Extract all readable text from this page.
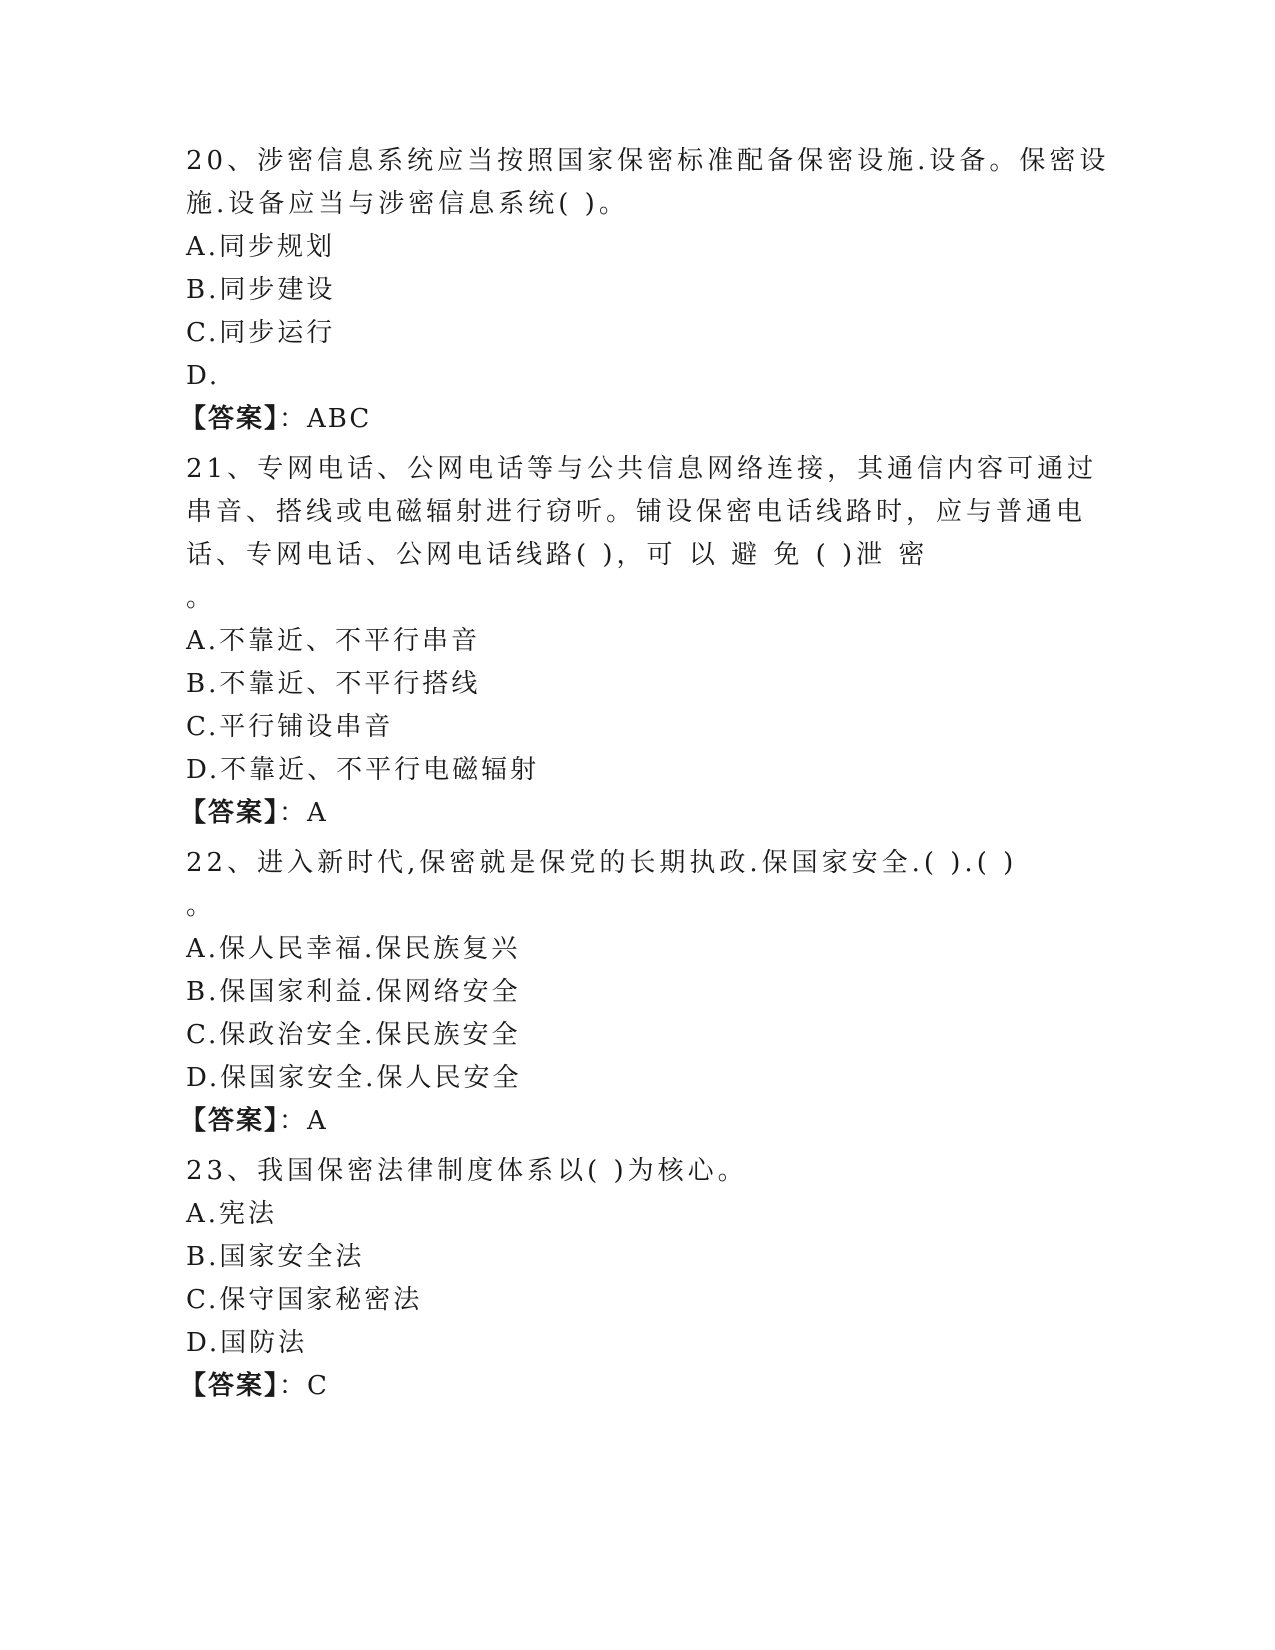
20、涉密信息系统应当按照国家保密标准配备保密设施.设备。保密设
施.设备应当与涉密信息系统( )。
A.同步规划
B.同步建设
C.同步运行
D.
【答案】：ABC
21、专网电话、公网电话等与公共信息网络连接，其通信内容可通过
串音、搭线或电磁辐射进行窃听。铺设保密电话线路时，应与普通电
话、专网电话、公网电话线路( )，可 以 避 免 ( )泄 密
。
A.不靠近、不平行串音
B.不靠近、不平行搭线
C.平行铺设串音
D.不靠近、不平行电磁辐射
【答案】：A
22、进入新时代,保密就是保党的长期执政.保国家安全.( ).( )
。
A.保人民幸福.保民族复兴
B.保国家利益.保网络安全
C.保政治安全.保民族安全
D.保国家安全.保人民安全
【答案】：A
23、我国保密法律制度体系以( )为核心。
A.宪法
B.国家安全法
C.保守国家秘密法
D.国防法
【答案】：C
